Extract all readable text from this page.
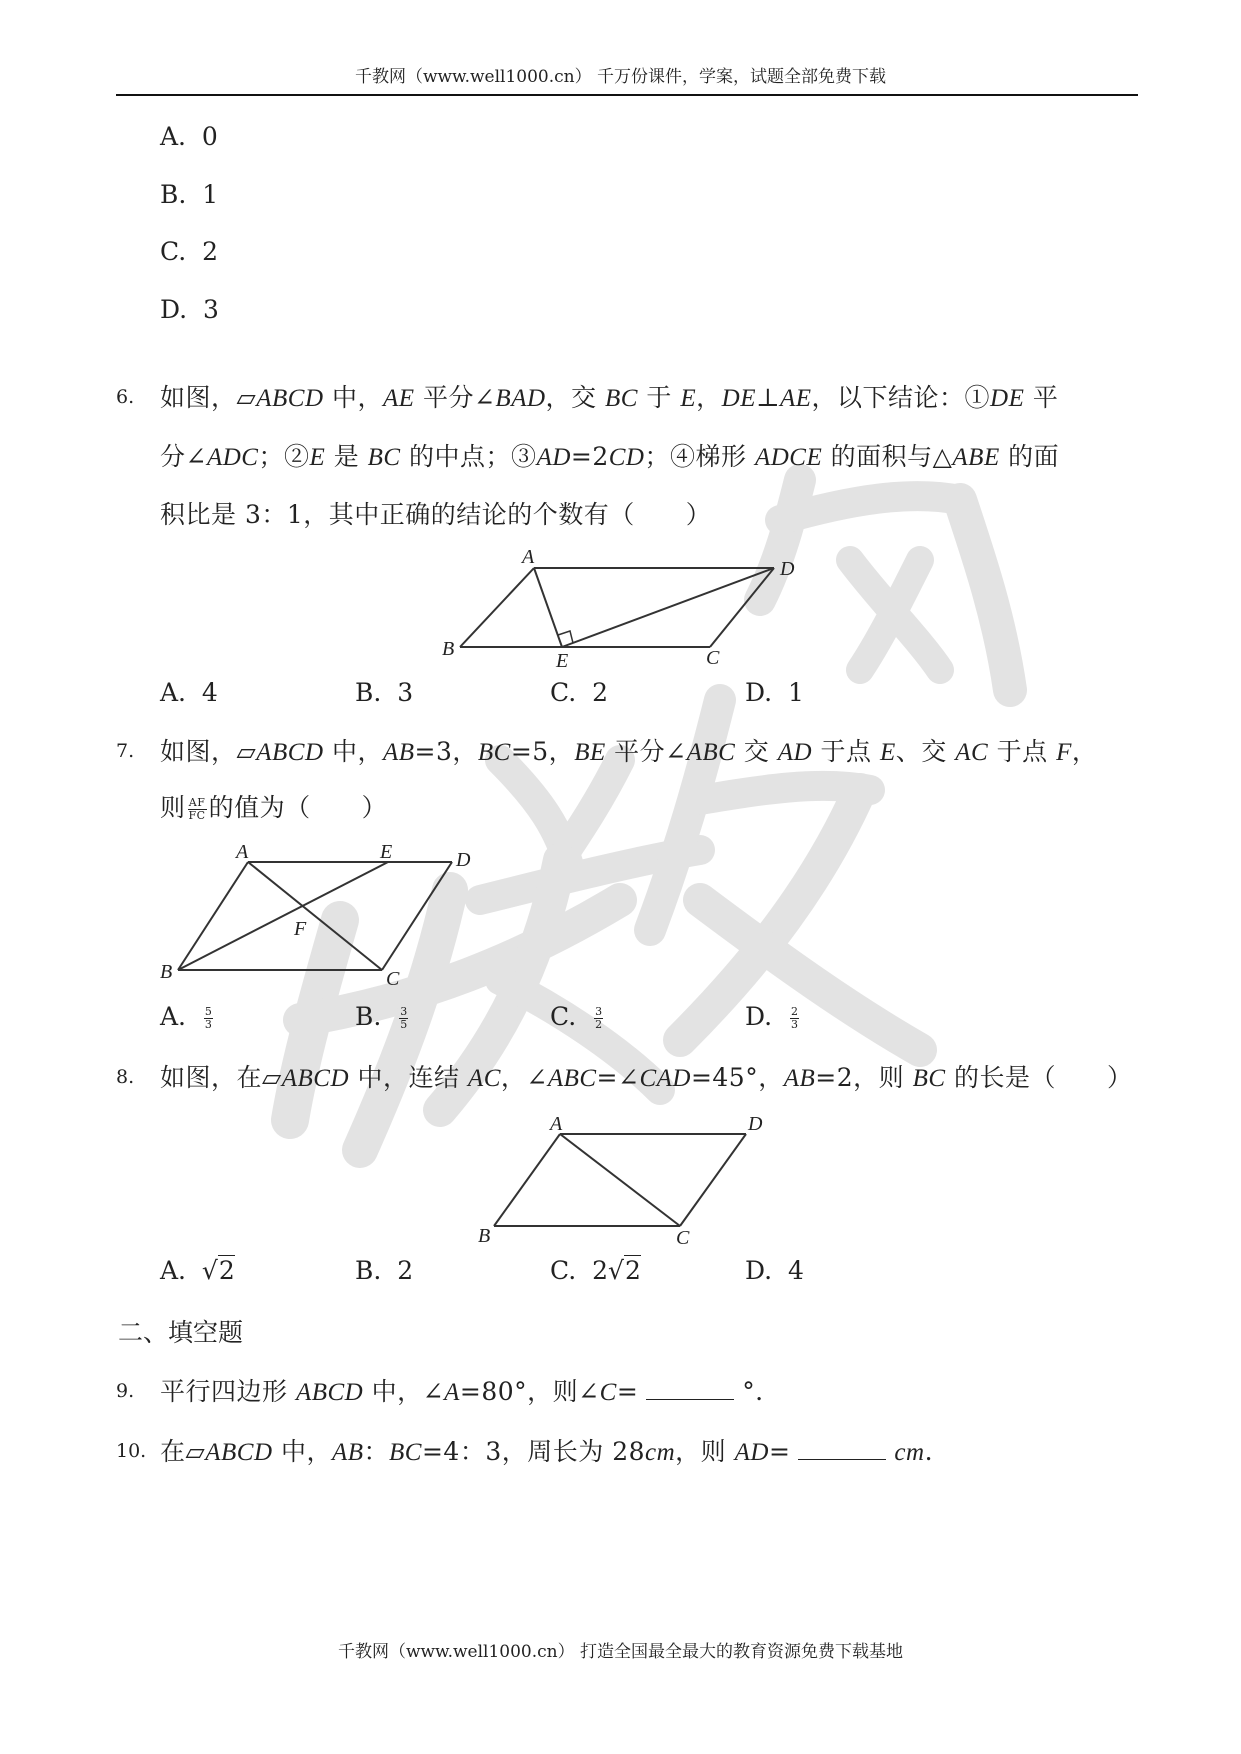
千教网（www.well1000.cn） 千万份课件，学案，试题全部免费下载
千教网（www.well1000.cn） 打造全国最全最大的教育资源免费下载基地
A. 0
B. 1
C. 2
D. 3
6. 如图，▱ABCD 中，AE 平分∠BAD，交 BC 于 E，DE⊥AE，以下结论：①DE 平
分∠ADC；②E 是 BC 的中点；③AD=2CD；④梯形 ADCE 的面积与△ABE 的面
积比是 3：1，其中正确的结论的个数有（　　）
A
D
B
E	C
A. 4	B. 3	C. 2	D. 1
7. 如图，▱ABCD 中，AB=3，BC=5，BE 平分∠ABC 交 AD 于点 E、交 AC 于点 F，
则 $\frac{AF}{FC}$ 的值为（　　）
A	E	D
F
B	C
A. $\frac{5}{3}$	B. $\frac{3}{5}$	C. $\frac{3}{2}$	D. $\frac{2}{3}$
8. 如图，在▱ABCD 中，连结 AC，∠ABC=∠CAD=45°，AB=2，则 BC 的长是（　　）
A	D
B	C
A. √2	B. 2	C. 2√2	D. 4
二、填空题
9. 平行四边形 ABCD 中，∠A=80°，则∠C=	°．
10. 在▱ABCD 中，AB：BC=4：3，周长为 28cm，则 AD=	cm.
